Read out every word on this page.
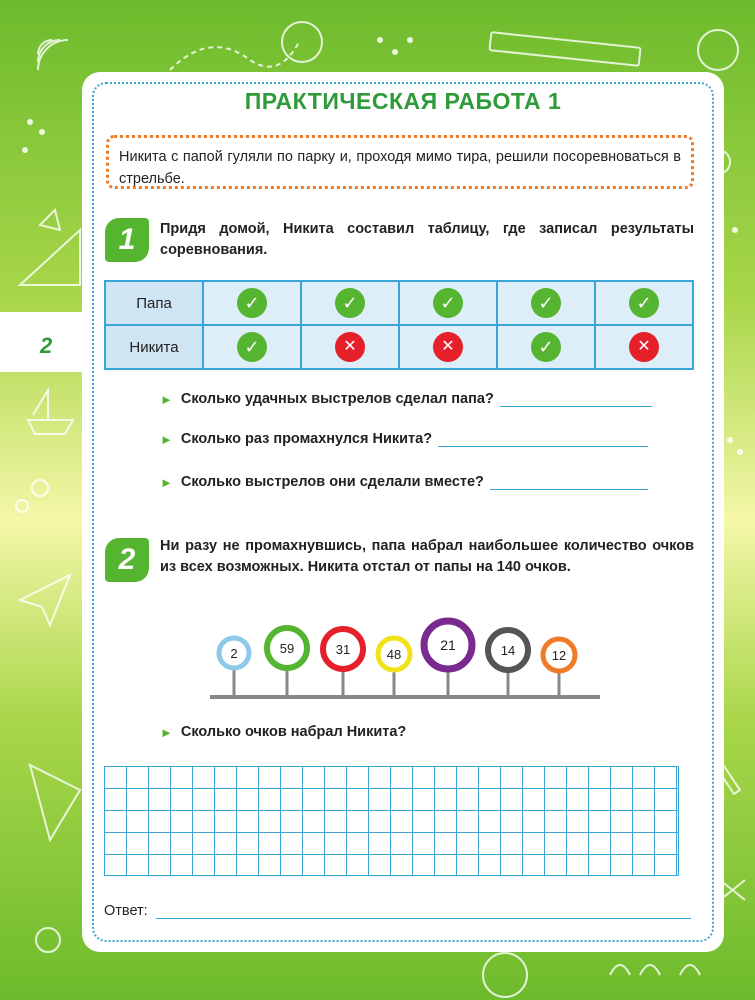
2
ПРАКТИЧЕСКАЯ РАБОТА 1
Никита с папой гуляли по парку и, проходя мимо тира, решили посоревноваться в стрельбе.
1	Придя домой, Никита составил таблицу, где записал результаты соревнования.
Папа	✓	✓	✓	✓	✓
Никита	✓	✕	✕	✓	✕
► Сколько удачных выстрелов сделал папа?
► Сколько раз промахнулся Никита?
► Сколько выстрелов они сделали вместе?
2	Ни разу не промахнувшись, папа набрал наибольшее количество очков из всех возможных. Никита отстал от папы на 140 очков.
2	59	31	48
21	14	12
► Сколько очков набрал Никита?
Ответ:
